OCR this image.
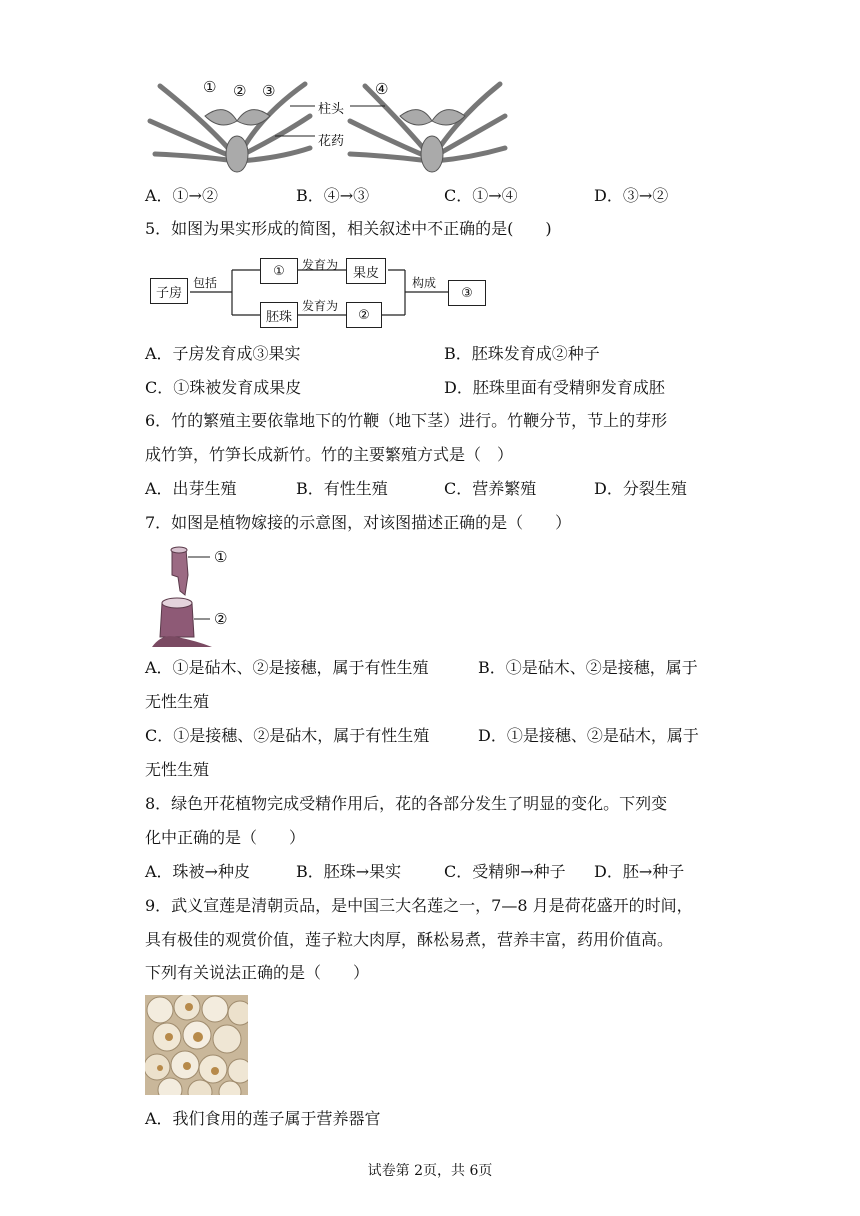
① ② ③	④
柱头
花药
A．①→②	B．④→③	C．①→④	D．③→②
5．如图为果实形成的简图，相关叙述中不正确的是(　　)
子房
包括
① 发育为
果皮
胚珠
发育为
②
构成
③
A．子房发育成③果实	B．胚珠发育成②种子
C．①珠被发育成果皮	D．胚珠里面有受精卵发育成胚
6．竹的繁殖主要依靠地下的竹鞭（地下茎）进行。竹鞭分节，节上的芽形
成竹笋，竹笋长成新竹。竹的主要繁殖方式是（　）
A．出芽生殖	B．有性生殖	C．营养繁殖	D．分裂生殖
7．如图是植物嫁接的示意图，对该图描述正确的是（　　）
①
②
A．①是砧木、②是接穗，属于有性生殖	B．①是砧木、②是接穗，属于
无性生殖
C．①是接穗、②是砧木，属于有性生殖	D．①是接穗、②是砧木，属于
无性生殖
8．绿色开花植物完成受精作用后，花的各部分发生了明显的变化。下列变
化中正确的是（　　）
A．珠被→种皮	B．胚珠→果实	C．受精卵→种子 D．胚→种子
9．武义宣莲是清朝贡品，是中国三大名莲之一，7—8 月是荷花盛开的时间，
具有极佳的观赏价值，莲子粒大肉厚，酥松易煮，营养丰富，药用价值高。
下列有关说法正确的是（　　）
A．我们食用的莲子属于营养器官
试卷第 2页，共 6页
